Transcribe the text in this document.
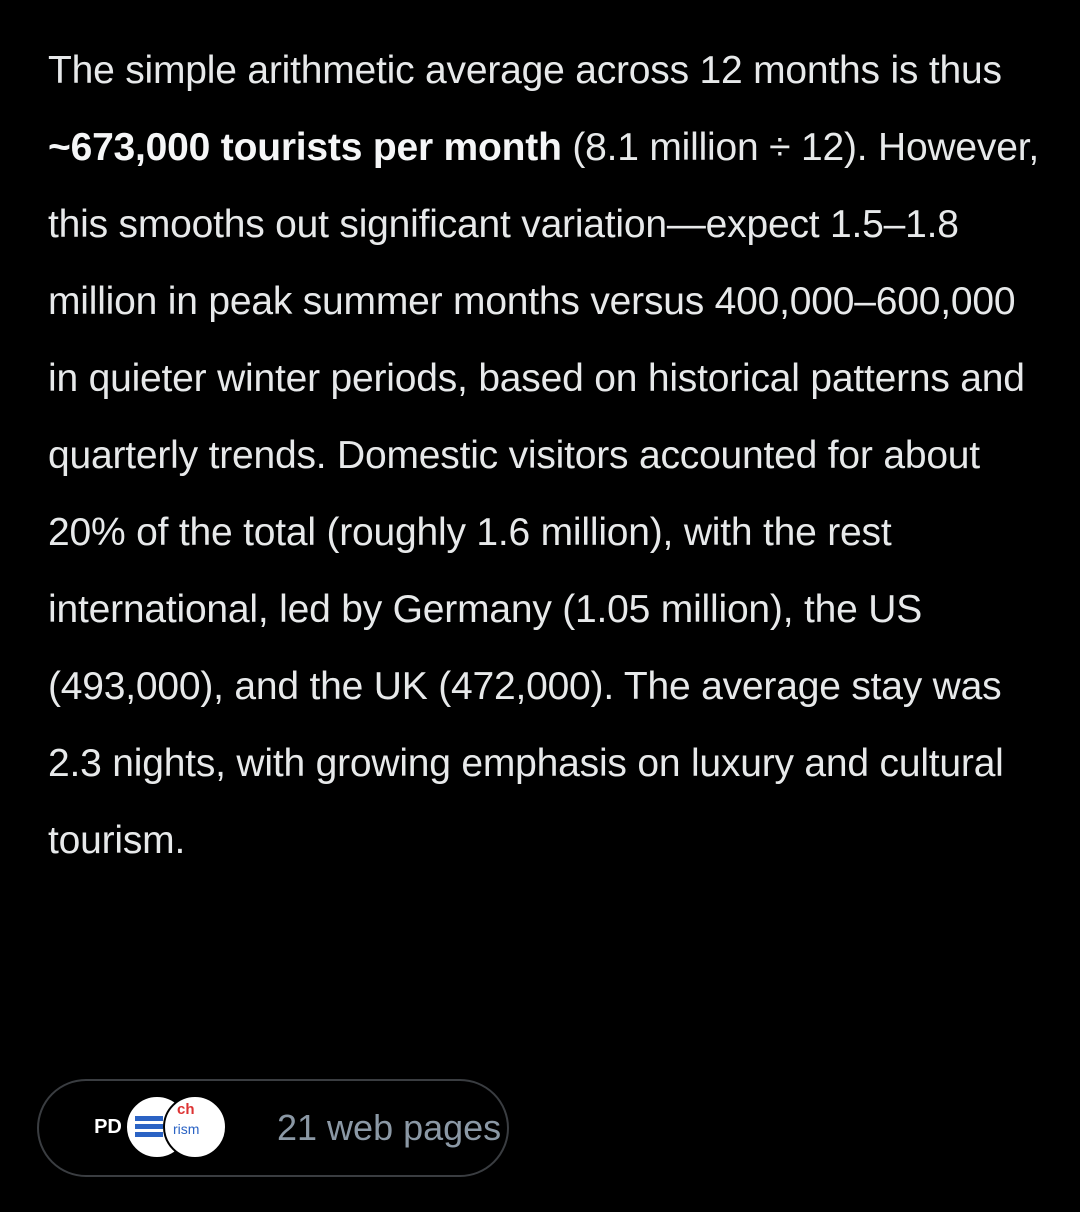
The simple arithmetic average across 12 months is thus ~673,000 tourists per month (8.1 million ÷ 12). However, this smooths out significant variation—expect 1.5–1.8 million in peak summer months versus 400,000–600,000 in quieter winter periods, based on historical patterns and quarterly trends. Domestic visitors accounted for about 20% of the total (roughly 1.6 million), with the rest international, led by Germany (1.05 million), the US (493,000), and the UK (472,000). The average stay was 2.3 nights, with growing emphasis on luxury and cultural tourism.

PD
ch
rism 21 web pages
